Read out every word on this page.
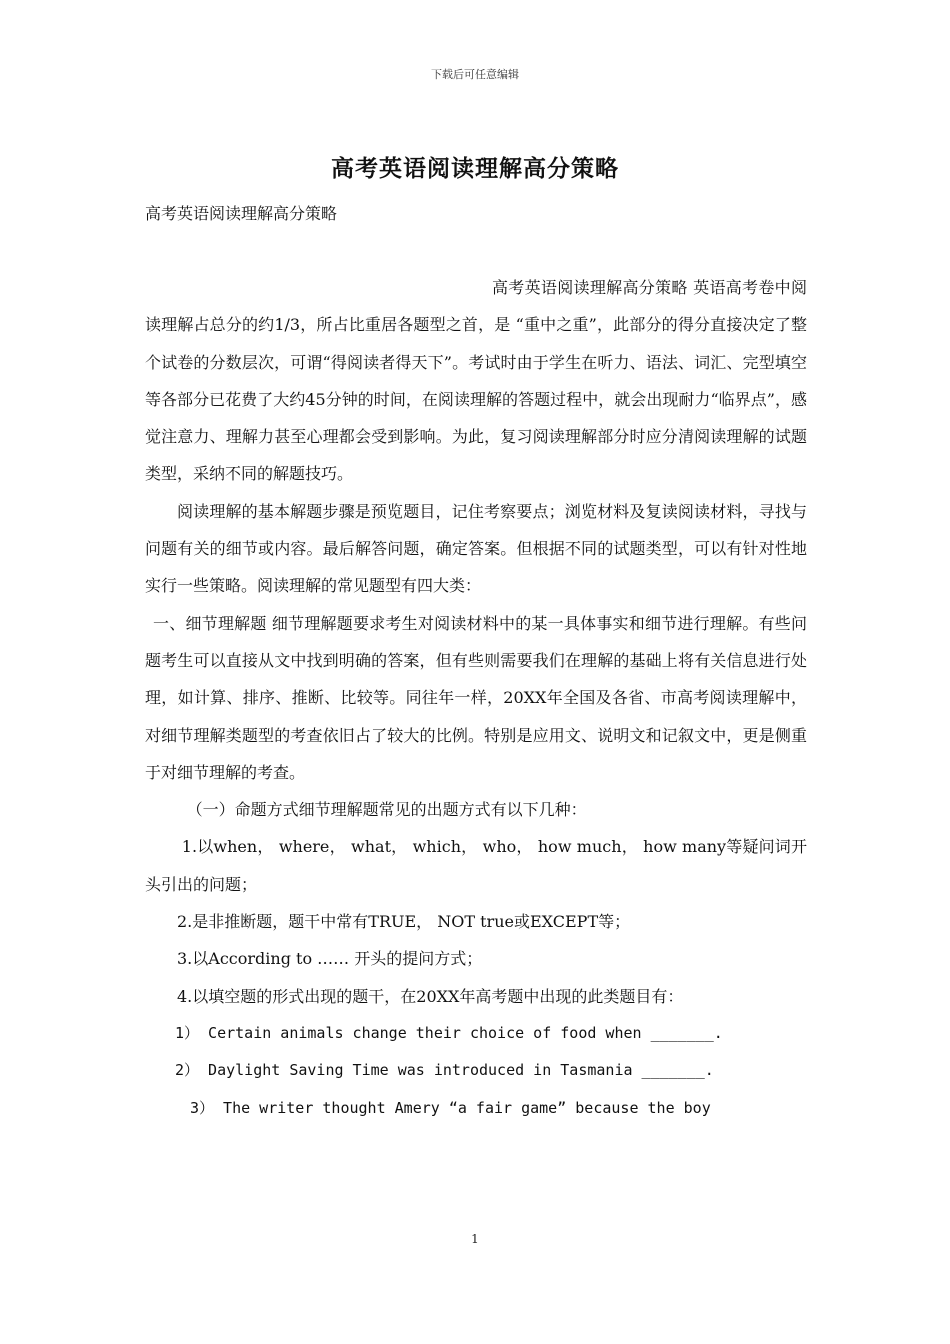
下载后可任意编辑
高考英语阅读理解高分策略

高考英语阅读理解高分策略

高考英语阅读理解高分策略 英语高考卷中阅读理解占总分的约1/3，所占比重居各题型之首，是 “重中之重”，此部分的得分直接决定了整个试卷的分数层次，可谓“得阅读者得天下”。考试时由于学生在听力、语法、词汇、完型填空等各部分已花费了大约45分钟的时间，在阅读理解的答题过程中，就会出现耐力“临界点”，感觉注意力、理解力甚至心理都会受到影响。为此，复习阅读理解部分时应分清阅读理解的试题类型，采纳不同的解题技巧。

阅读理解的基本解题步骤是预览题目，记住考察要点；浏览材料及复读阅读材料，寻找与问题有关的细节或内容。最后解答问题，确定答案。但根据不同的试题类型，可以有针对性地实行一些策略。阅读理解的常见题型有四大类：

一、细节理解题 细节理解题要求考生对阅读材料中的某一具体事实和细节进行理解。有些问题考生可以直接从文中找到明确的答案，但有些则需要我们在理解的基础上将有关信息进行处理，如计算、排序、推断、比较等。同往年一样，20XX年全国及各省、市高考阅读理解中，对细节理解类题型的考查依旧占了较大的比例。特别是应用文、说明文和记叙文中，更是侧重于对细节理解的考查。

（一）命题方式细节理解题常见的出题方式有以下几种：

1.以when， where， what， which， who， how much， how many等疑问词开头引出的问题；

2.是非推断题，题干中常有TRUE， NOT true或EXCEPT等；

3.以According to …… 开头的提问方式；

4.以填空题的形式出现的题干，在20XX年高考题中出现的此类题目有：

1） Certain animals change their choice of food when _______.

2） Daylight Saving Time was introduced in Tasmania _______.

3） The writer thought Amery “a fair game” because the boy

1
